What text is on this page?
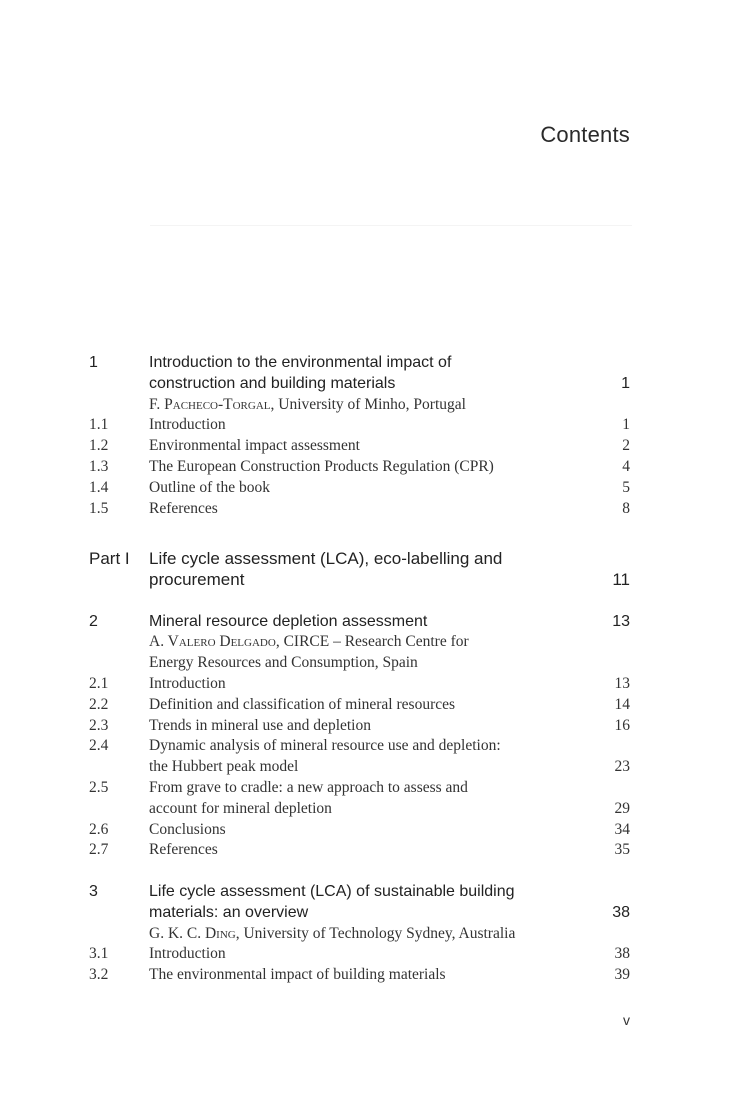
Contents
1	Introduction to the environmental impact of
construction and building materials	1
F. Pacheco-Torgal, University of Minho, Portugal
1.1	Introduction	1
1.2	Environmental impact assessment	2
1.3	The European Construction Products Regulation (CPR)	4
1.4	Outline of the book	5
1.5	References	8
Part I Life cycle assessment (LCA), eco-labelling and
procurement	11
2	Mineral resource depletion assessment	13
A. Valero Delgado, CIRCE – Research Centre for
Energy Resources and Consumption, Spain
2.1	Introduction	13
2.2	Definition and classification of mineral resources	14
2.3	Trends in mineral use and depletion	16
2.4	Dynamic analysis of mineral resource use and depletion:
the Hubbert peak model	23
2.5	From grave to cradle: a new approach to assess and
account for mineral depletion	29
2.6	Conclusions	34
2.7	References	35
3	Life cycle assessment (LCA) of sustainable building
materials: an overview	38
G. K. C. Ding, University of Technology Sydney, Australia
3.1	Introduction	38
3.2	The environmental impact of building materials	39
v
